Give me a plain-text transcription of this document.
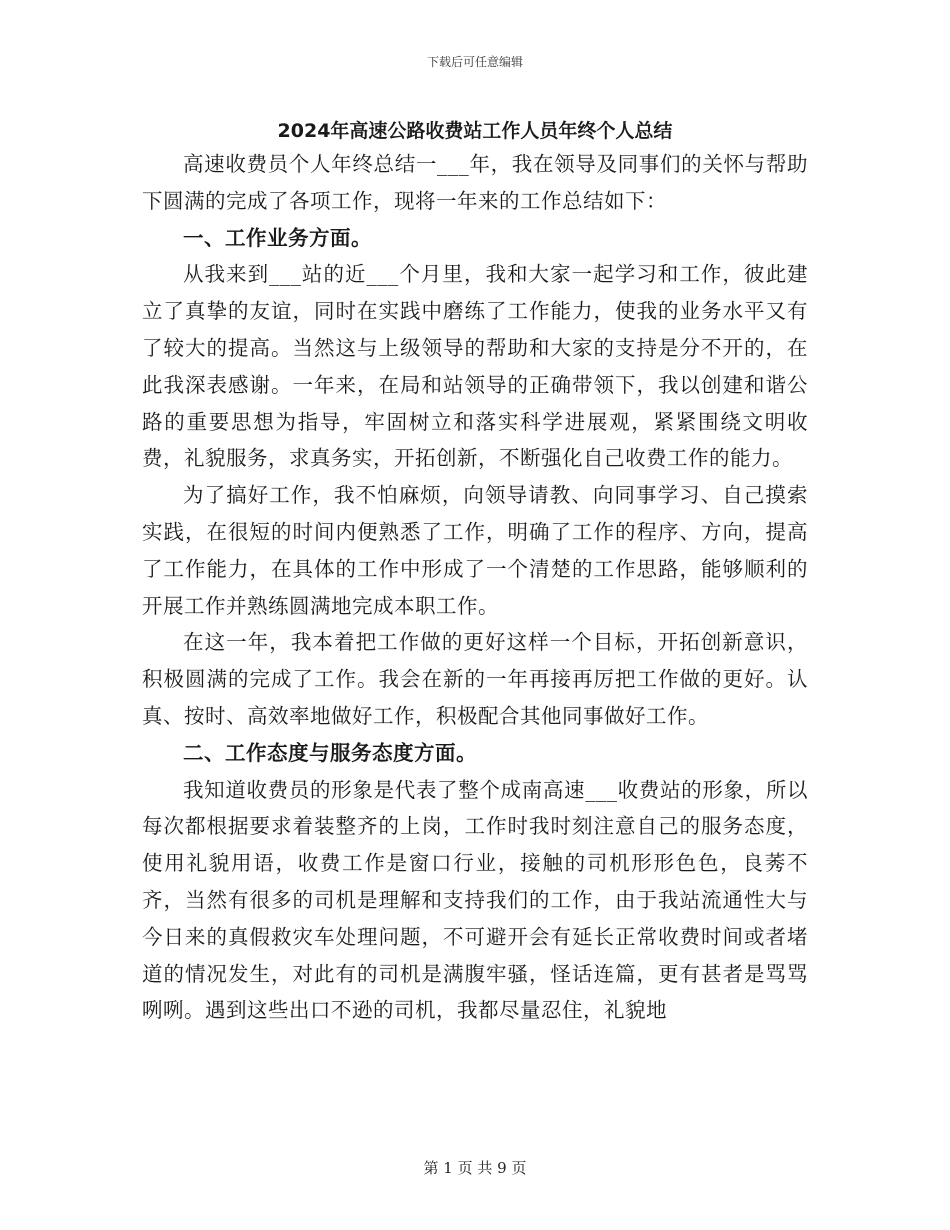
下载后可任意编辑
2024年高速公路收费站工作人员年终个人总结

高速收费员个人年终总结一___年，我在领导及同事们的关怀与帮助下圆满的完成了各项工作，现将一年来的工作总结如下：

一、工作业务方面。

从我来到___站的近___个月里，我和大家一起学习和工作，彼此建立了真挚的友谊，同时在实践中磨练了工作能力，使我的业务水平又有了较大的提高。当然这与上级领导的帮助和大家的支持是分不开的，在此我深表感谢。一年来，在局和站领导的正确带领下，我以创建和谐公路的重要思想为指导，牢固树立和落实科学进展观，紧紧围绕文明收费，礼貌服务，求真务实，开拓创新，不断强化自己收费工作的能力。

为了搞好工作，我不怕麻烦，向领导请教、向同事学习、自己摸索实践，在很短的时间内便熟悉了工作，明确了工作的程序、方向，提高了工作能力，在具体的工作中形成了一个清楚的工作思路，能够顺利的开展工作并熟练圆满地完成本职工作。

在这一年，我本着把工作做的更好这样一个目标，开拓创新意识，积极圆满的完成了工作。我会在新的一年再接再厉把工作做的更好。认真、按时、高效率地做好工作，积极配合其他同事做好工作。

二、工作态度与服务态度方面。

我知道收费员的形象是代表了整个成南高速___收费站的形象，所以每次都根据要求着装整齐的上岗，工作时我时刻注意自己的服务态度，使用礼貌用语，收费工作是窗口行业，接触的司机形形色色，良莠不齐，当然有很多的司机是理解和支持我们的工作，由于我站流通性大与今日来的真假救灾车处理问题，不可避开会有延长正常收费时间或者堵道的情况发生，对此有的司机是满腹牢骚，怪话连篇，更有甚者是骂骂咧咧。遇到这些出口不逊的司机，我都尽量忍住，礼貌地

第 1 页 共 9 页
